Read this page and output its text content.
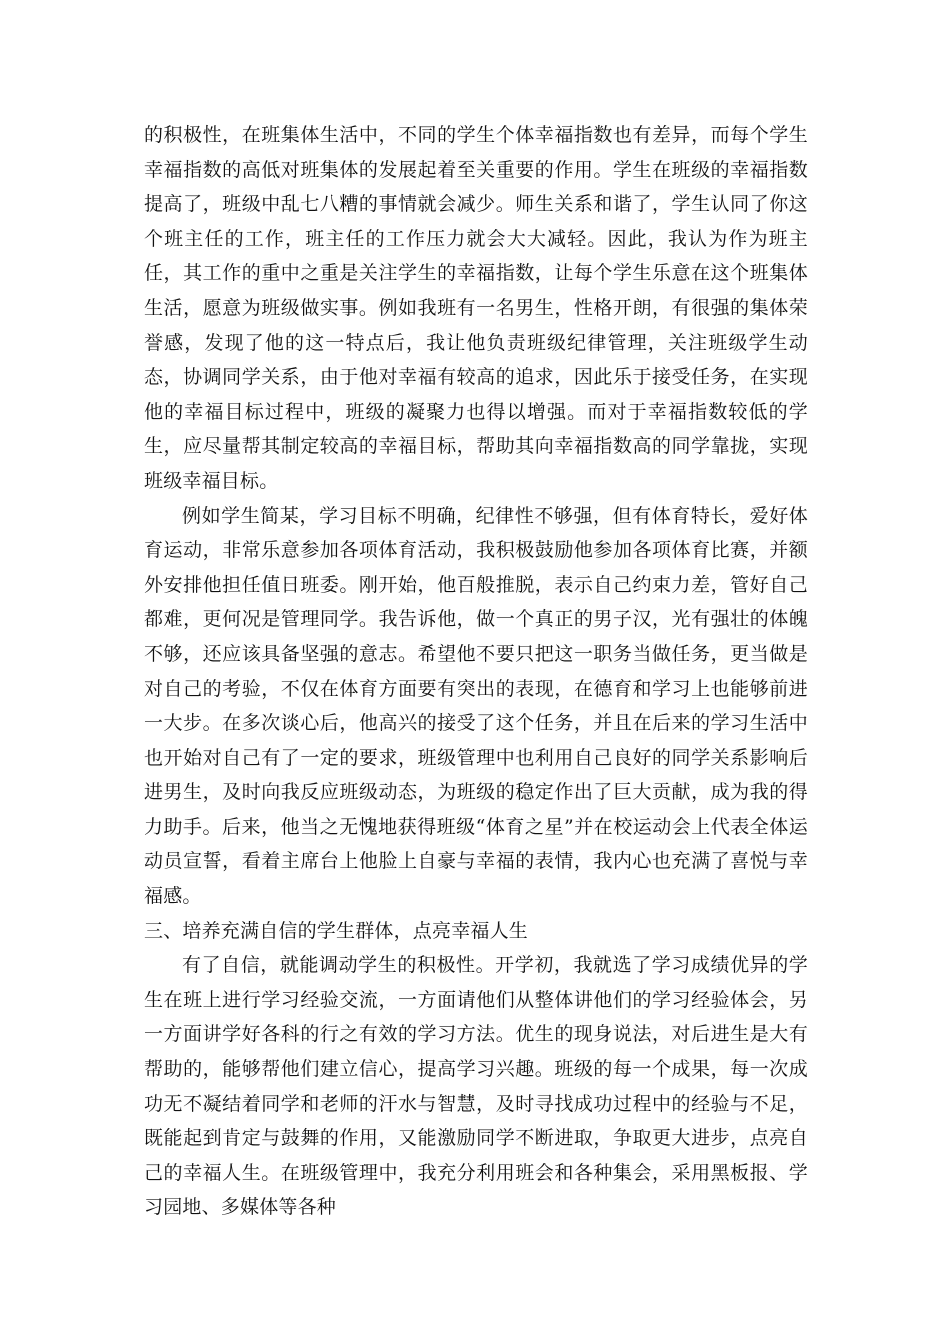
的积极性，在班集体生活中，不同的学生个体幸福指数也有差异，而每个学生幸福指数的高低对班集体的发展起着至关重要的作用。学生在班级的幸福指数提高了，班级中乱七八糟的事情就会减少。师生关系和谐了，学生认同了你这个班主任的工作，班主任的工作压力就会大大减轻。因此，我认为作为班主任，其工作的重中之重是关注学生的幸福指数，让每个学生乐意在这个班集体生活，愿意为班级做实事。例如我班有一名男生，性格开朗，有很强的集体荣誉感，发现了他的这一特点后，我让他负责班级纪律管理，关注班级学生动态，协调同学关系，由于他对幸福有较高的追求，因此乐于接受任务，在实现他的幸福目标过程中，班级的凝聚力也得以增强。而对于幸福指数较低的学生，应尽量帮其制定较高的幸福目标，帮助其向幸福指数高的同学靠拢，实现班级幸福目标。

例如学生简某，学习目标不明确，纪律性不够强，但有体育特长，爱好体育运动，非常乐意参加各项体育活动，我积极鼓励他参加各项体育比赛，并额外安排他担任值日班委。刚开始，他百般推脱，表示自己约束力差，管好自己都难，更何况是管理同学。我告诉他，做一个真正的男子汉，光有强壮的体魄不够，还应该具备坚强的意志。希望他不要只把这一职务当做任务，更当做是对自己的考验，不仅在体育方面要有突出的表现，在德育和学习上也能够前进一大步。在多次谈心后，他高兴的接受了这个任务，并且在后来的学习生活中也开始对自己有了一定的要求，班级管理中也利用自己良好的同学关系影响后进男生，及时向我反应班级动态，为班级的稳定作出了巨大贡献，成为我的得力助手。后来，他当之无愧地获得班级“体育之星”并在校运动会上代表全体运动员宣誓，看着主席台上他脸上自豪与幸福的表情，我内心也充满了喜悦与幸福感。

三、培养充满自信的学生群体，点亮幸福人生

有了自信，就能调动学生的积极性。开学初，我就选了学习成绩优异的学生在班上进行学习经验交流，一方面请他们从整体讲他们的学习经验体会，另一方面讲学好各科的行之有效的学习方法。优生的现身说法，对后进生是大有帮助的，能够帮他们建立信心，提高学习兴趣。班级的每一个成果，每一次成功无不凝结着同学和老师的汗水与智慧，及时寻找成功过程中的经验与不足，既能起到肯定与鼓舞的作用，又能激励同学不断进取，争取更大进步，点亮自己的幸福人生。在班级管理中，我充分利用班会和各种集会，采用黑板报、学习园地、多媒体等各种
